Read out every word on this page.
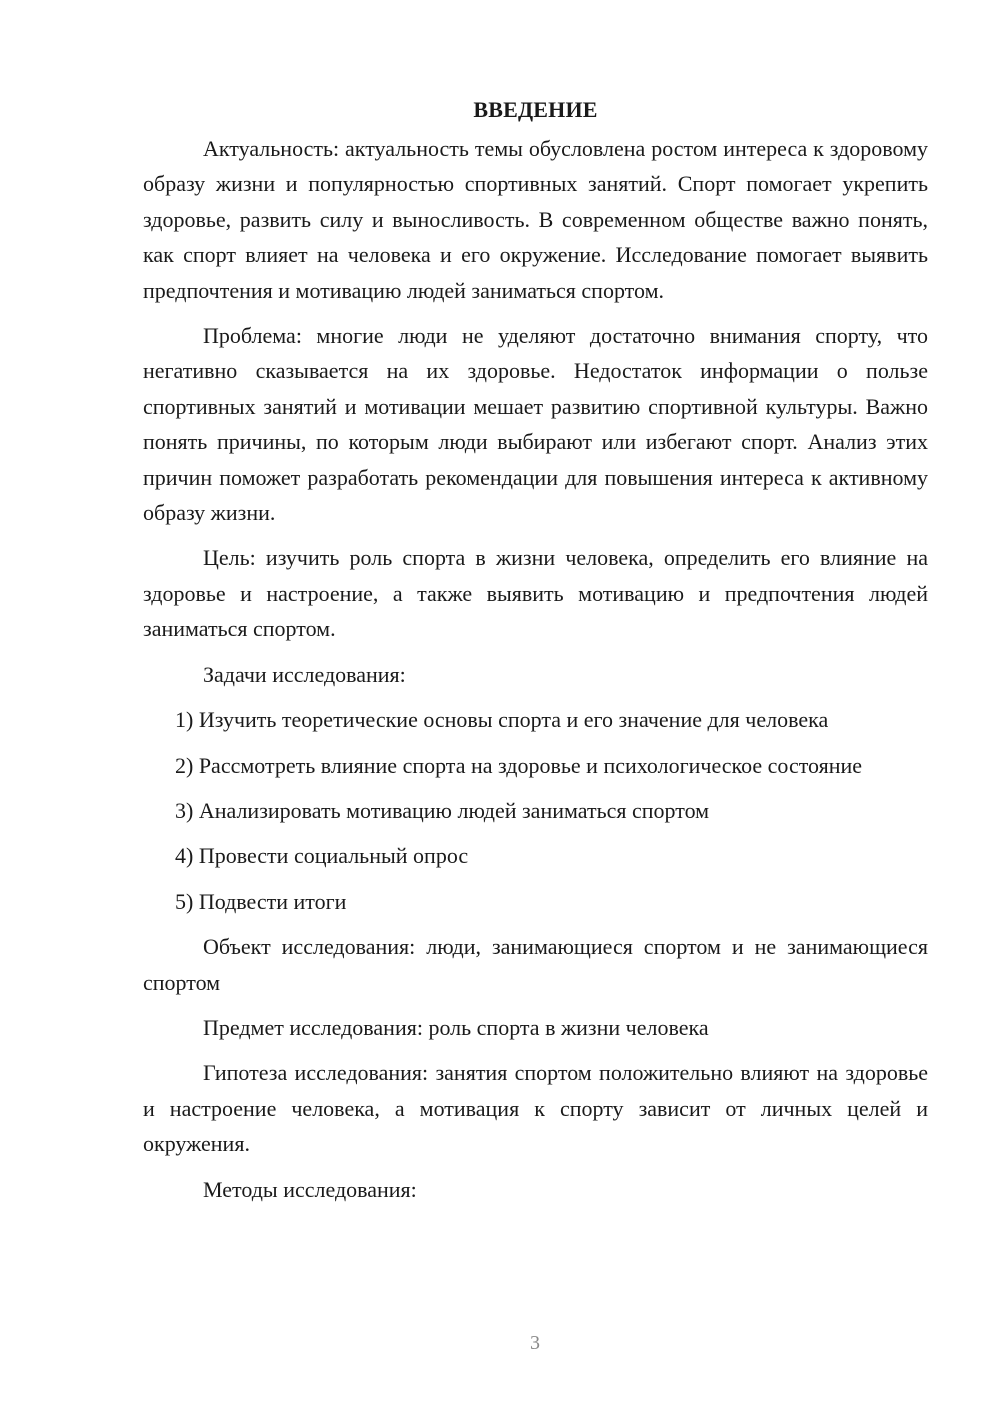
ВВЕДЕНИЕ

Актуальность: актуальность темы обусловлена ростом интереса к здоровому образу жизни и популярностью спортивных занятий. Спорт помогает укрепить здоровье, развить силу и выносливость. В современном обществе важно понять, как спорт влияет на человека и его окружение. Исследование помогает выявить предпочтения и мотивацию людей заниматься спортом.

Проблема: многие люди не уделяют достаточно внимания спорту, что негативно сказывается на их здоровье. Недостаток информации о пользе спортивных занятий и мотивации мешает развитию спортивной культуры. Важно понять причины, по которым люди выбирают или избегают спорт. Анализ этих причин поможет разработать рекомендации для повышения интереса к активному образу жизни.

Цель: изучить роль спорта в жизни человека, определить его влияние на здоровье и настроение, а также выявить мотивацию и предпочтения людей заниматься спортом.

Задачи исследования:

1) Изучить теоретические основы спорта и его значение для человека

2) Рассмотреть влияние спорта на здоровье и психологическое состояние

3) Анализировать мотивацию людей заниматься спортом

4) Провести социальный опрос

5) Подвести итоги

Объект исследования: люди, занимающиеся спортом и не занимающиеся спортом

Предмет исследования: роль спорта в жизни человека

Гипотеза исследования: занятия спортом положительно влияют на здоровье и настроение человека, а мотивация к спорту зависит от личных целей и окружения.

Методы исследования:

3
